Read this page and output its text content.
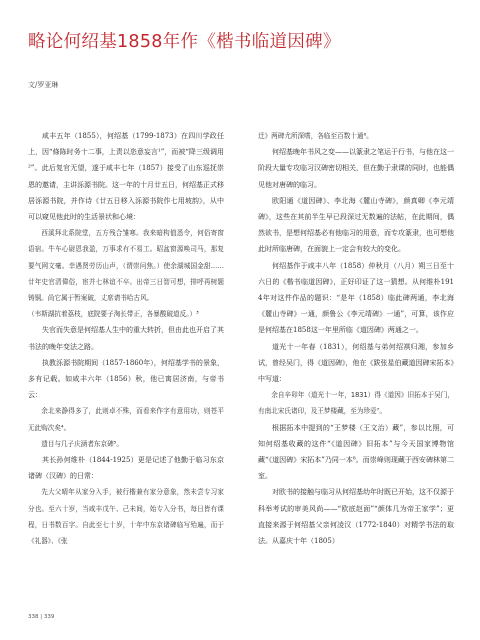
略论何绍基1858年作《楷书临道因碑》
文/罗亚琳

咸丰五年（1855），何绍基（1799-1873）在四川学政任上，因“條陈时务十二事，上责以恣意妄言¹”，而被“降三级调用²”。此后复官无望，遂于咸丰七年（1857）接受了山东巡抚崇恩的邀请，主讲泺源书院。这一年的十月廿五日，何绍基正式移居泺源书院，并作诗《廿五日移入泺源书院作七用坡韵》，从中可以窥见他此时的生活景状和心境：

西溪拜北系院堂，五方残合雏寒。我来暗构值悉令，何俗寄窗语宿。牛车心尉恩我盈，万事求有不易工。昭盆窗源唤司马，那复要气网文毫。幸遇贤劳历山声，（谓崇问焦。）使余湖城国金甜……廿年史官清偉俗，宦并七林谊不卒。出帝三日智可想，排呼再树题铸铜。尚它属于暂案破，丈席请书哈古风。

（韦斯湖抗着荔枝，底院要子淘长带正，各暴酸破道反。）³

失官而失意是何绍基人生中的重大转折，但由此也开启了其书法的晚年变法之路。

执教泺源书院期间（1857-1860年），何绍基学书的景象，多有记载。如咸丰六年（1856）秋，他已寓居济南，与帝书云：

余北来静得多了，此则卓不殊，而看来作字有意用功，则苍平无此购次矣⁴。

遗目与几子庆涵者东京碑⁵。

其长孙何维朴（1844-1925）更是记述了他勤于临习东京诸碑（汉碑）的日常：

先大父晴年从家分入手，被行楷兼有家分意象，然未尝专习家分也。至六十岁，当咸丰戊午、己未间，始专入分书，每日皆有课程，日书数百字。自此至七十岁，十年中东京诸碑临写殆遍，而于《礼器》、《张

迁》两碑尤所深嗜，各临至百数十通⁶。

何绍基晚年书风之变——以篆隶之笔运于行书，与他在这一阶段大量专攻临习汉碑密切相关，但在勤于隶课的同时，也能偶见他对唐碑的临习。

欧阳通《道因碑》、李北海《麓山寺碑》，颜真卿《李元靖碑》，这些在其前半生早已段深过无数遍的法帖，在此期间，偶然欲书，是想何绍基必有他临习的用意，而专攻篆隶，也可想他此时所临唐碑，在面貌上一定会有较大的变化。

何绍基作于咸丰八年（1858）仲秋月（八月）朔三日至十六日的《楷书临道因碑》，正好印证了这一猜想。从何维朴1914年对这件作品的题识：“是年（1858）临此碑两通，李北海《麓山寺碑》一通，颜鲁公《李元靖碑》一通”，可算，该作应是何绍基在1858这一年里所临《道因碑》两通之一。

道光十一年春（1831），何绍基与弟何绍祺归湘，参加乡试，曾经吴门，得《道因碑》，他在《跋张星伯藏道因碑宋拓本》中写道：

余自辛卯年（道光十一年，1831）得《道因》旧拓本于吴门，有南北宋氏诸印，及王梦楼藏，至为珍爱⁷。

根据拓本中提到的“王梦楼（王文治）藏”，参以比照，可知何绍基收藏的这件“《道因碑》旧拓本”与今天国家博物馆藏“《道因碑》宋拓本”乃同一本⁸。而崇峰则现藏于西安碑林第二室。

对欧书的接触与临习从何绍基幼年时既已开始，这不仅源于科举考试的审美风尚——“欧底赵面”“颜体几为帝王家学”；更直接来源于何绍基父亲何凌汉（1772-1840）对精学书法的取法。从嘉庆十年（1805）

338 | 339
